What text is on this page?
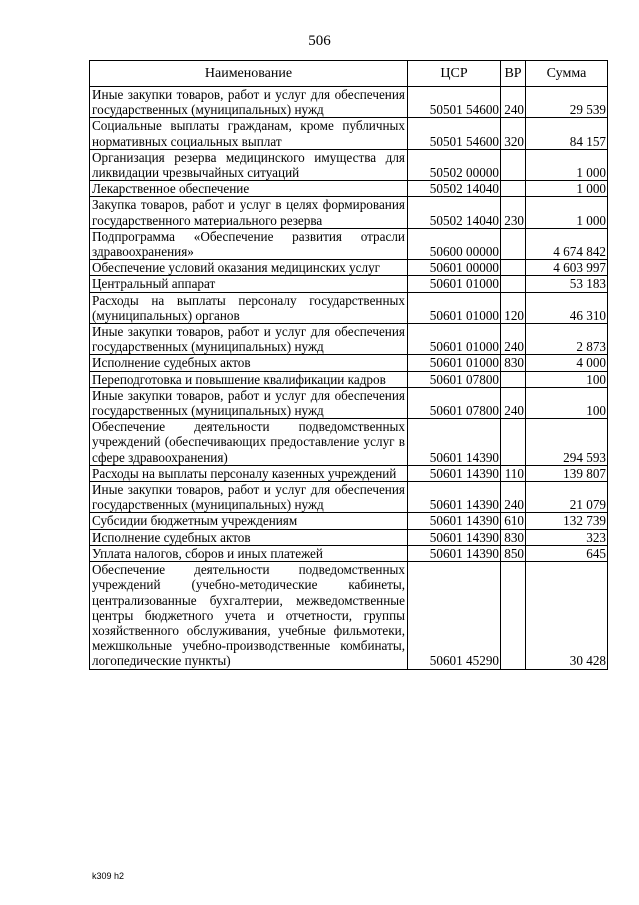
506
Наименование	ЦСР	ВР	Сумма
Иные закупки товаров, работ и услуг для обеспечения государственных (муниципальных) нужд	50501 54600	240	29 539
Социальные выплаты гражданам, кроме публичных нормативных социальных выплат	50501 54600	320	84 157
Организация резерва медицинского имущества для ликвидации чрезвычайных ситуаций	50502 00000		1 000
Лекарственное обеспечение	50502 14040		1 000
Закупка товаров, работ и услуг в целях формирования государственного материального резерва	50502 14040	230	1 000
Подпрограмма «Обеспечение развития отрасли здравоохранения»	50600 00000		4 674 842
Обеспечение условий оказания медицинских услуг	50601 00000		4 603 997
Центральный аппарат	50601 01000		53 183
Расходы на выплаты персоналу государственных (муниципальных) органов	50601 01000	120	46 310
Иные закупки товаров, работ и услуг для обеспечения государственных (муниципальных) нужд	50601 01000	240	2 873
Исполнение судебных актов	50601 01000	830	4 000
Переподготовка и повышение квалификации кадров	50601 07800		100
Иные закупки товаров, работ и услуг для обеспечения государственных (муниципальных) нужд	50601 07800	240	100
Обеспечение деятельности подведомственных учреждений (обеспечивающих предоставление услуг в сфере здравоохранения)	50601 14390		294 593
Расходы на выплаты персоналу казенных учреждений	50601 14390	110	139 807
Иные закупки товаров, работ и услуг для обеспечения государственных (муниципальных) нужд	50601 14390	240	21 079
Субсидии бюджетным учреждениям	50601 14390	610	132 739
Исполнение судебных актов	50601 14390	830	323
Уплата налогов, сборов и иных платежей	50601 14390	850	645
Обеспечение деятельности подведомственных учреждений (учебно-методические кабинеты, централизованные бухгалтерии, межведомственные центры бюджетного учета и отчетности, группы хозяйственного обслуживания, учебные фильмотеки, межшкольные учебно-производственные комбинаты, логопедические пункты)	50601 45290		30 428
k309 h2
